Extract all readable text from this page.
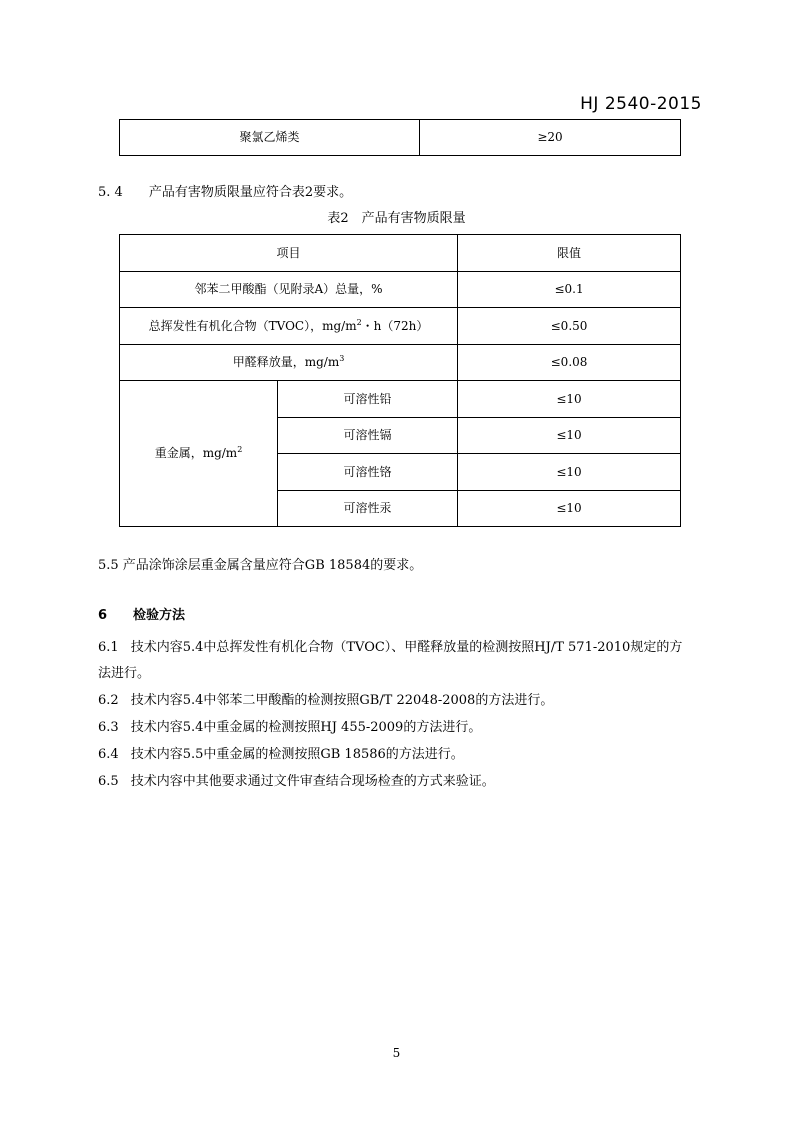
HJ 2540-2015
聚氯乙烯类	≥20
5. 4 产品有害物质限量应符合表2要求。
表2　产品有害物质限量
项目		限值
邻苯二甲酸酯（见附录A）总量，%		≤0.1
总挥发性有机化合物（TVOC），$mg/m^2$・h（72h）		≤0.50
甲醛释放量，$mg/m^3$		≤0.08
重金属，$mg/m^2$	可溶性铅	≤10
	可溶性镉	≤10
	可溶性铬	≤10
	可溶性汞	≤10
5.5 产品涂饰涂层重金属含量应符合GB 18584的要求。
6　　检验方法
6.1 技术内容5.4中总挥发性有机化合物（TVOC）、甲醛释放量的检测按照HJ/T 571-2010规定的方
法进行。
6.2 技术内容5.4中邻苯二甲酸酯的检测按照GB/T 22048-2008的方法进行。
6.3 技术内容5.4中重金属的检测按照HJ 455-2009的方法进行。
6.4 技术内容5.5中重金属的检测按照GB 18586的方法进行。
6.5 技术内容中其他要求通过文件审查结合现场检查的方式来验证。
5
